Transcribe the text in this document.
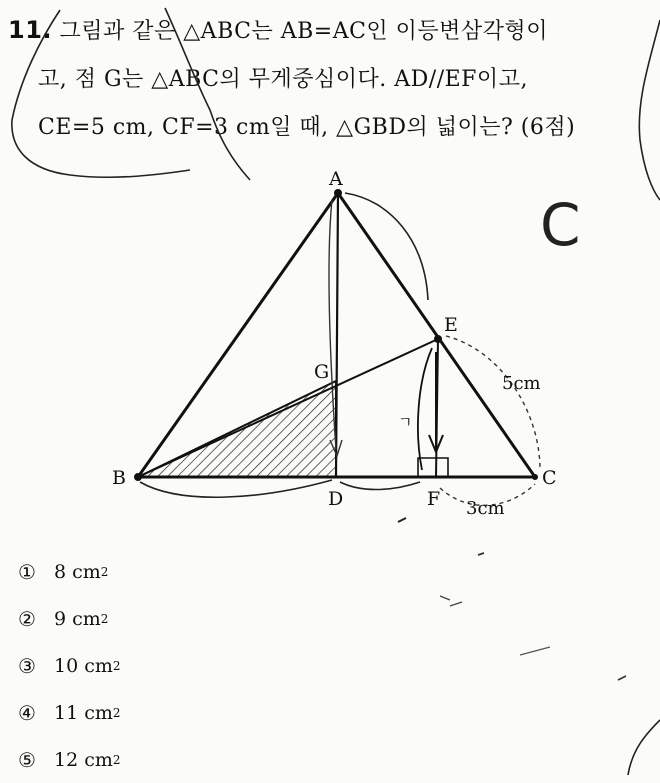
11. 그림과 같은 △ABC는 AB=AC인 이등변삼각형이
고, 점 G는 △ABC의 무게중심이다. AD//EF이고,
CE=5 cm, CF=3 cm일 때, △GBD의 넓이는? (6점)
C
A
B	C
D
E
F
G
5cm
3cm
ㄱ
① 8 cm 2
② 9 cm 2
③ 10 cm 2
④ 11 cm 2
⑤ 12 cm 2
